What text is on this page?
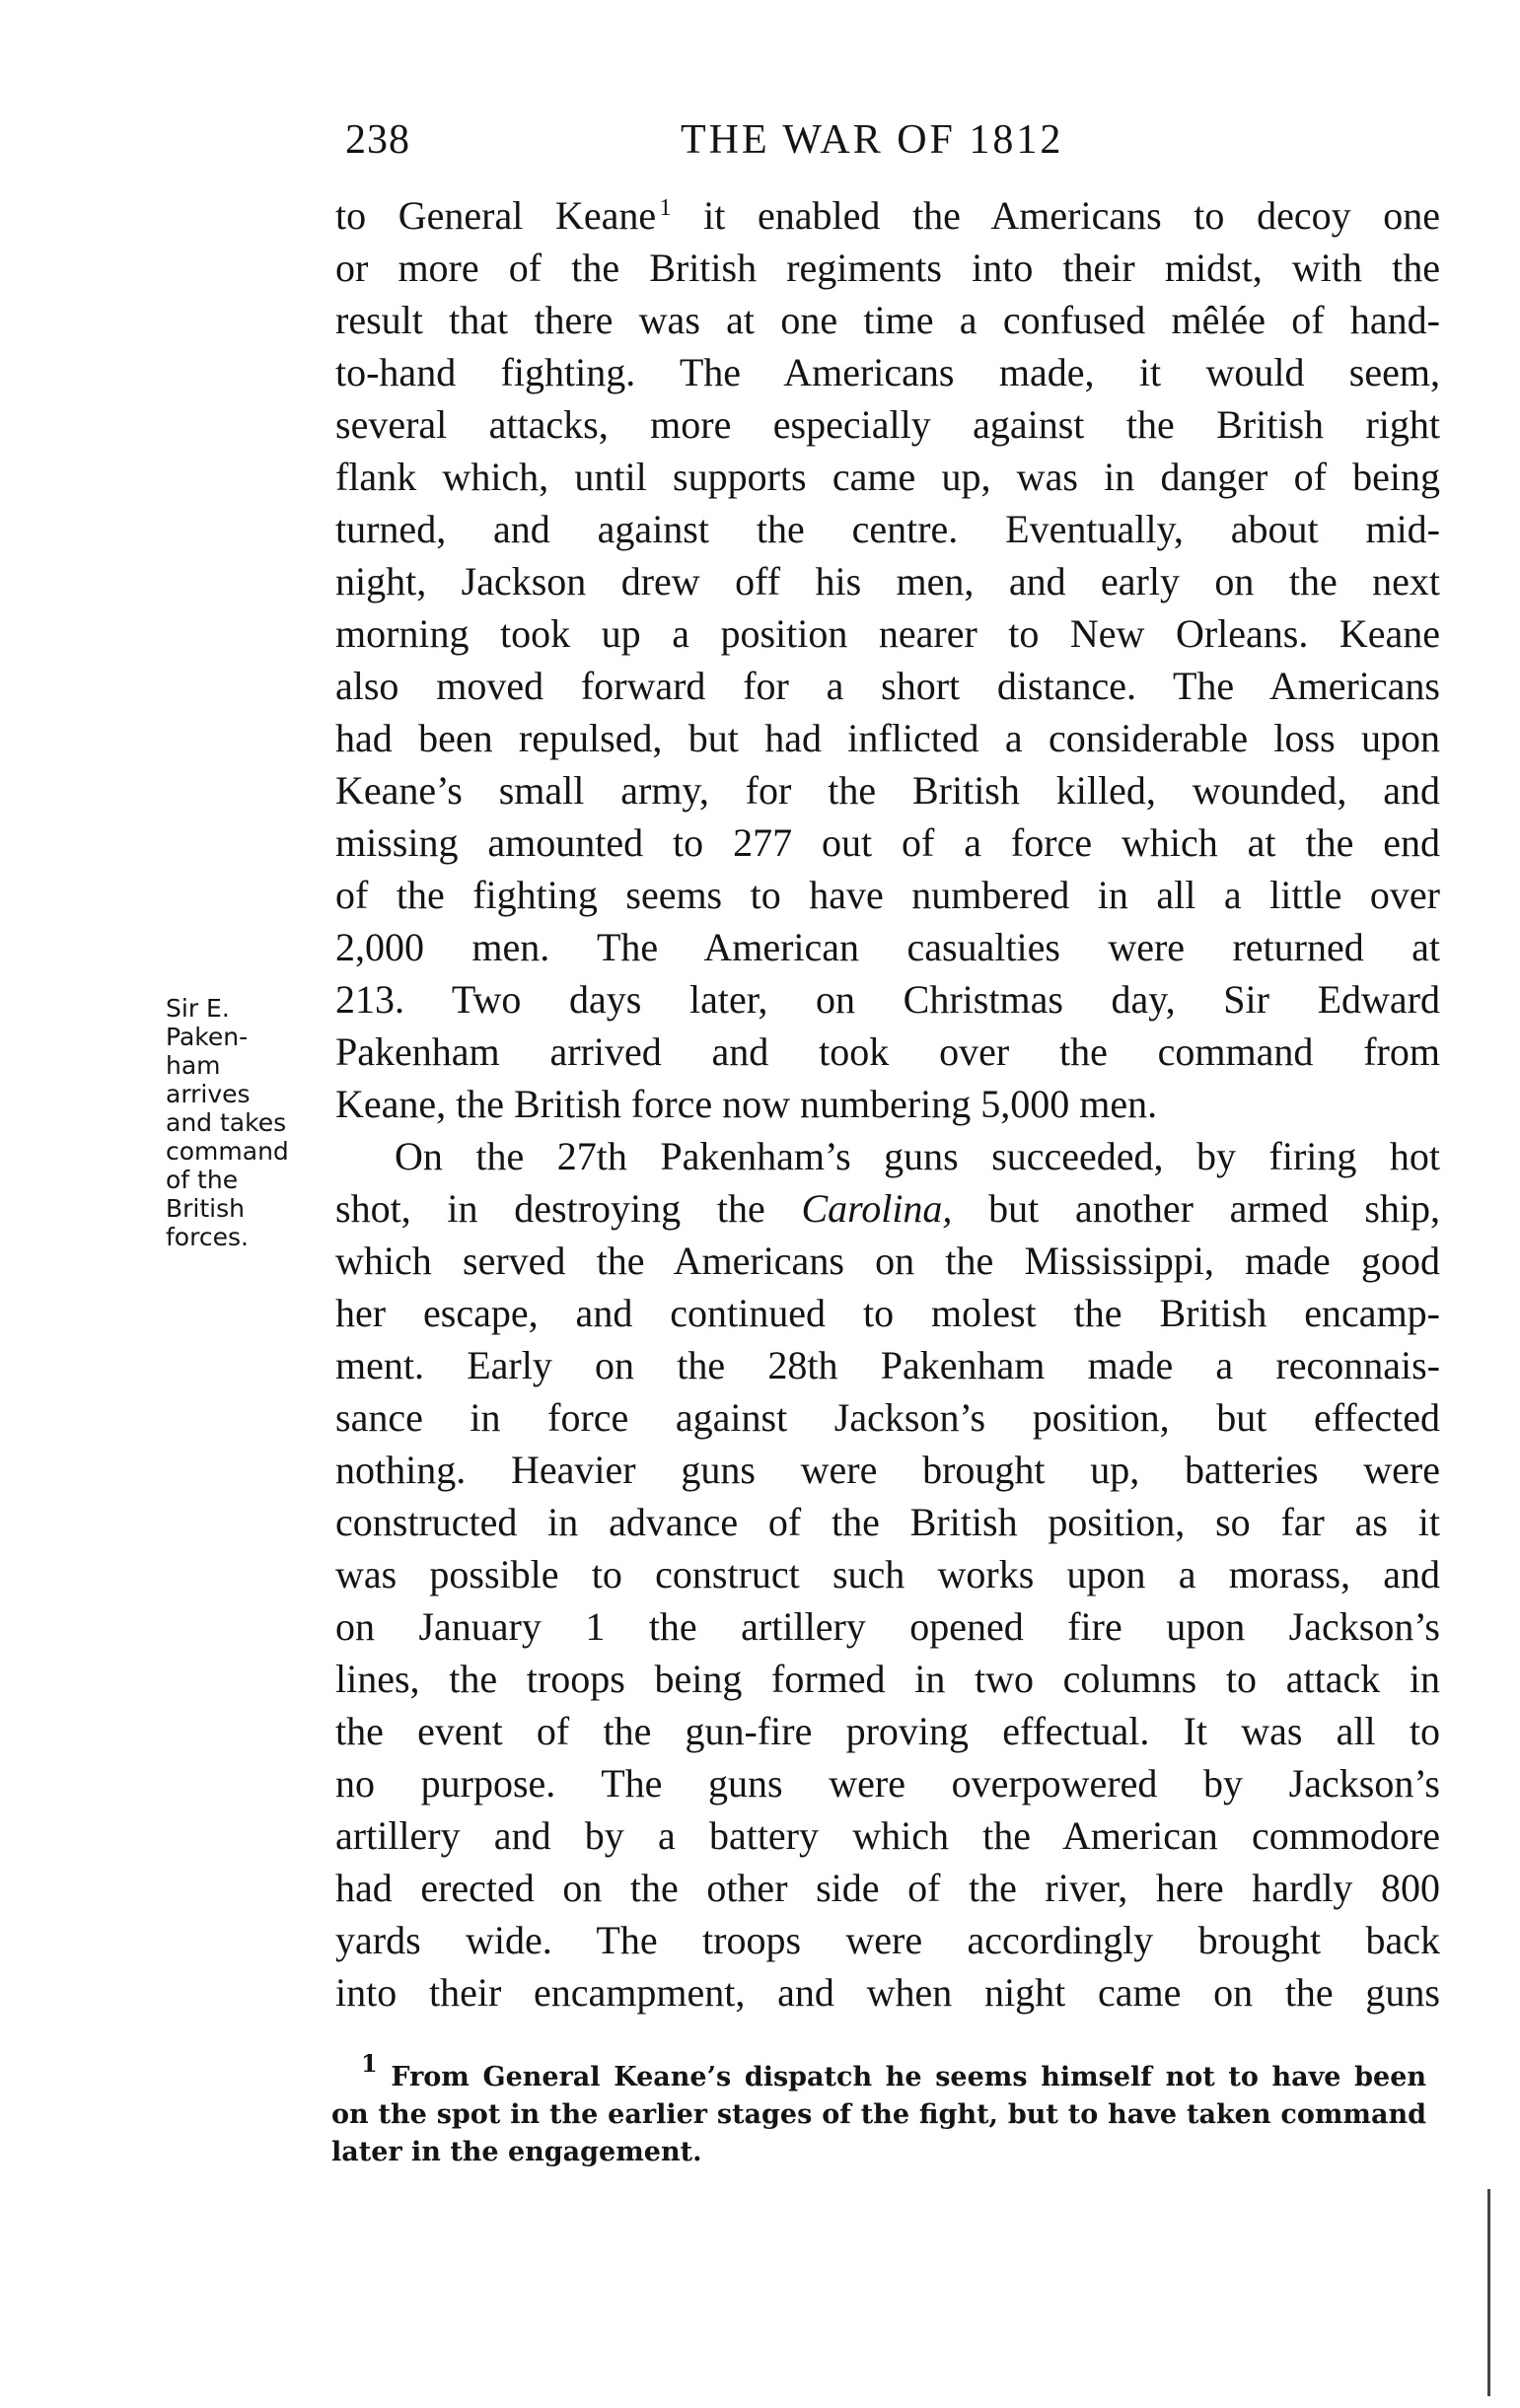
238	THE WAR OF 1812
Sir E.
Paken-
ham
arrives
and takes
command
of the
British
forces.
to General Keane  $^1$ it enabled the Americans to decoy one
or more of the British regiments into their midst, with the
result that there was at one time a confused mêlée of hand-
to-hand fighting. The Americans made, it would seem,
several attacks, more especially against the British right
flank which, until supports came up, was in danger of being
turned, and against the centre. Eventually, about mid-
night, Jackson drew off his men, and early on the next
morning took up a position nearer to New Orleans. Keane
also moved forward for a short distance. The Americans
had been repulsed, but had inflicted a considerable loss upon
Keane’s small army, for the British killed, wounded, and
missing amounted to 277 out of a force which at the end
of the fighting seems to have numbered in all a little over
2,000 men. The American casualties were returned at
213. Two days later, on Christmas day, Sir Edward
Pakenham arrived and took over the command from
Keane, the British force now numbering 5,000 men.
On the 27th Pakenham’s guns succeeded, by firing hot
shot, in destroying the Carolina, but another armed ship,
which served the Americans on the Mississippi, made good
her escape, and continued to molest the British encamp-
ment. Early on the 28th Pakenham made a reconnais-
sance in force against Jackson’s position, but effected
nothing. Heavier guns were brought up, batteries were
constructed in advance of the British position, so far as it
was possible to construct such works upon a morass, and
on January 1 the artillery opened fire upon Jackson’s
lines, the troops being formed in two columns to attack in
the event of the gun-fire proving effectual. It was all to
no purpose. The guns were overpowered by Jackson’s
artillery and by a battery which the American commodore
had erected on the other side of the river, here hardly 800
yards wide. The troops were accordingly brought back
into their encampment, and when night came on the guns
$^1$ From General Keane’s dispatch he seems himself not to have been
on the spot in the earlier stages of the fight, but to have taken command
later in the engagement.
